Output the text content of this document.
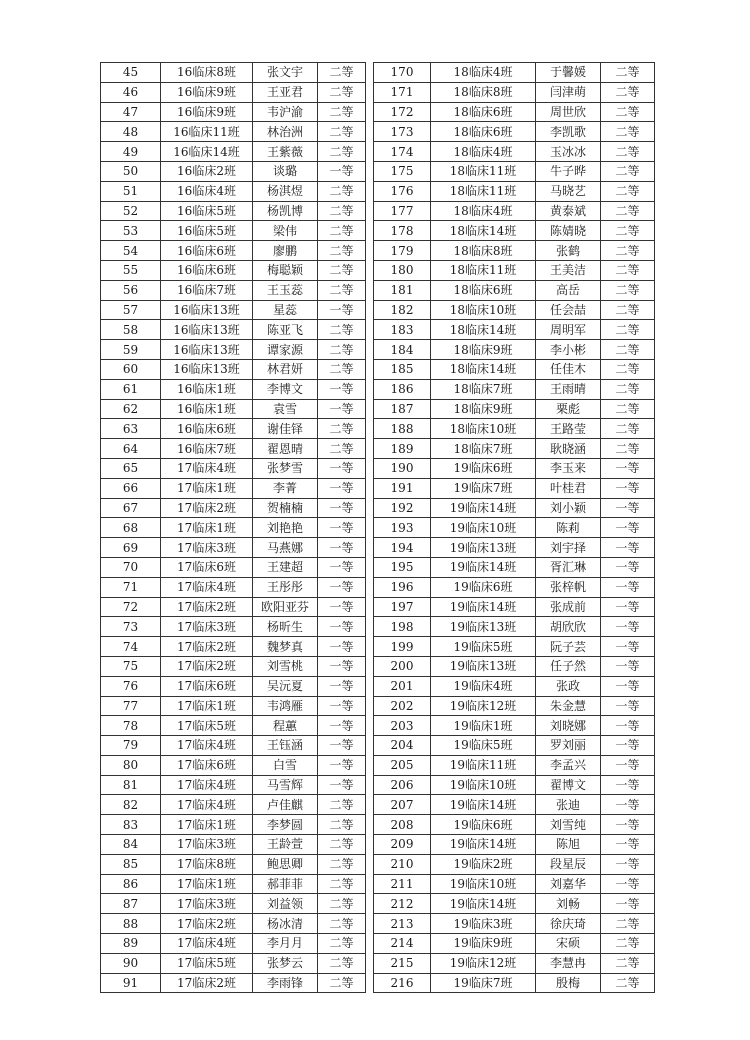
45	16临床8班	张文宇	二等
46	16临床9班	王亚君	二等
47	16临床9班	韦沪渝	二等
48	16临床11班	林治洲	二等
49	16临床14班	王紫薇	二等
50	16临床2班	谈璐	一等
51	16临床4班	杨淇煜	二等
52	16临床5班	杨凯博	二等
53	16临床5班	梁伟	二等
54	16临床6班	廖鹏	二等
55	16临床6班	梅聪颖	二等
56	16临床7班	王玉蕊	二等
57	16临床13班	星蕊	一等
58	16临床13班	陈亚飞	二等
59	16临床13班	谭家源	二等
60	16临床13班	林君妍	二等
61	16临床1班	李博文	一等
62	16临床1班	袁雪	一等
63	16临床6班	谢佳铎	二等
64	16临床7班	翟恩晴	二等
65	17临床4班	张梦雪	一等
66	17临床1班	李菁	一等
67	17临床2班	贺楠楠	一等
68	17临床1班	刘艳艳	一等
69	17临床3班	马燕娜	一等
70	17临床6班	王建超	一等
71	17临床4班	王彤彤	一等
72	17临床2班	欧阳亚芬	一等
73	17临床3班	杨昕生	一等
74	17临床2班	魏梦真	一等
75	17临床2班	刘雪桃	一等
76	17临床6班	吴沅夏	一等
77	17临床1班	韦鸿雁	一等
78	17临床5班	程蕙	一等
79	17临床4班	王钰涵	一等
80	17临床6班	白雪	一等
81	17临床4班	马雪辉	一等
82	17临床4班	卢佳麒	二等
83	17临床1班	李梦圆	二等
84	17临床3班	王龄萱	二等
85	17临床8班	鲍思卿	二等
86	17临床1班	郝菲菲	二等
87	17临床3班	刘益领	二等
88	17临床2班	杨冰清	二等
89	17临床4班	李月月	二等
90	17临床5班	张梦云	二等
91	17临床2班	李雨锋	二等
170	18临床4班	于馨媛	二等
171	18临床8班	闫津萌	二等
172	18临床6班	周世欣	二等
173	18临床6班	李凯歌	二等
174	18临床4班	玉冰冰	二等
175	18临床11班	牛子晔	二等
176	18临床11班	马晓艺	二等
177	18临床4班	黄泰斌	二等
178	18临床14班	陈婧晓	二等
179	18临床8班	张鹤	二等
180	18临床11班	王美洁	二等
181	18临床6班	高岳	二等
182	18临床10班	任会喆	二等
183	18临床14班	周明军	二等
184	18临床9班	李小彬	二等
185	18临床14班	任佳木	二等
186	18临床7班	王雨晴	二等
187	18临床9班	栗彪	二等
188	18临床10班	王路莹	二等
189	18临床7班	耿晓涵	二等
190	19临床6班	李玉来	一等
191	19临床7班	叶桂君	一等
192	19临床14班	刘小颖	一等
193	19临床10班	陈莉	一等
194	19临床13班	刘宇择	一等
195	19临床14班	胥汇琳	一等
196	19临床6班	张梓帆	一等
197	19临床14班	张成前	一等
198	19临床13班	胡欣欣	一等
199	19临床5班	阮子芸	一等
200	19临床13班	任子然	一等
201	19临床4班	张政	一等
202	19临床12班	朱金慧	一等
203	19临床1班	刘晓娜	一等
204	19临床5班	罗刘丽	一等
205	19临床11班	李孟兴	一等
206	19临床10班	翟博文	一等
207	19临床14班	张迪	一等
208	19临床6班	刘雪纯	一等
209	19临床14班	陈旭	一等
210	19临床2班	段星辰	一等
211	19临床10班	刘嘉华	一等
212	19临床14班	刘畅	一等
213	19临床3班	徐庆琦	二等
214	19临床9班	宋硕	二等
215	19临床12班	李慧冉	二等
216	19临床7班	殷梅	二等
